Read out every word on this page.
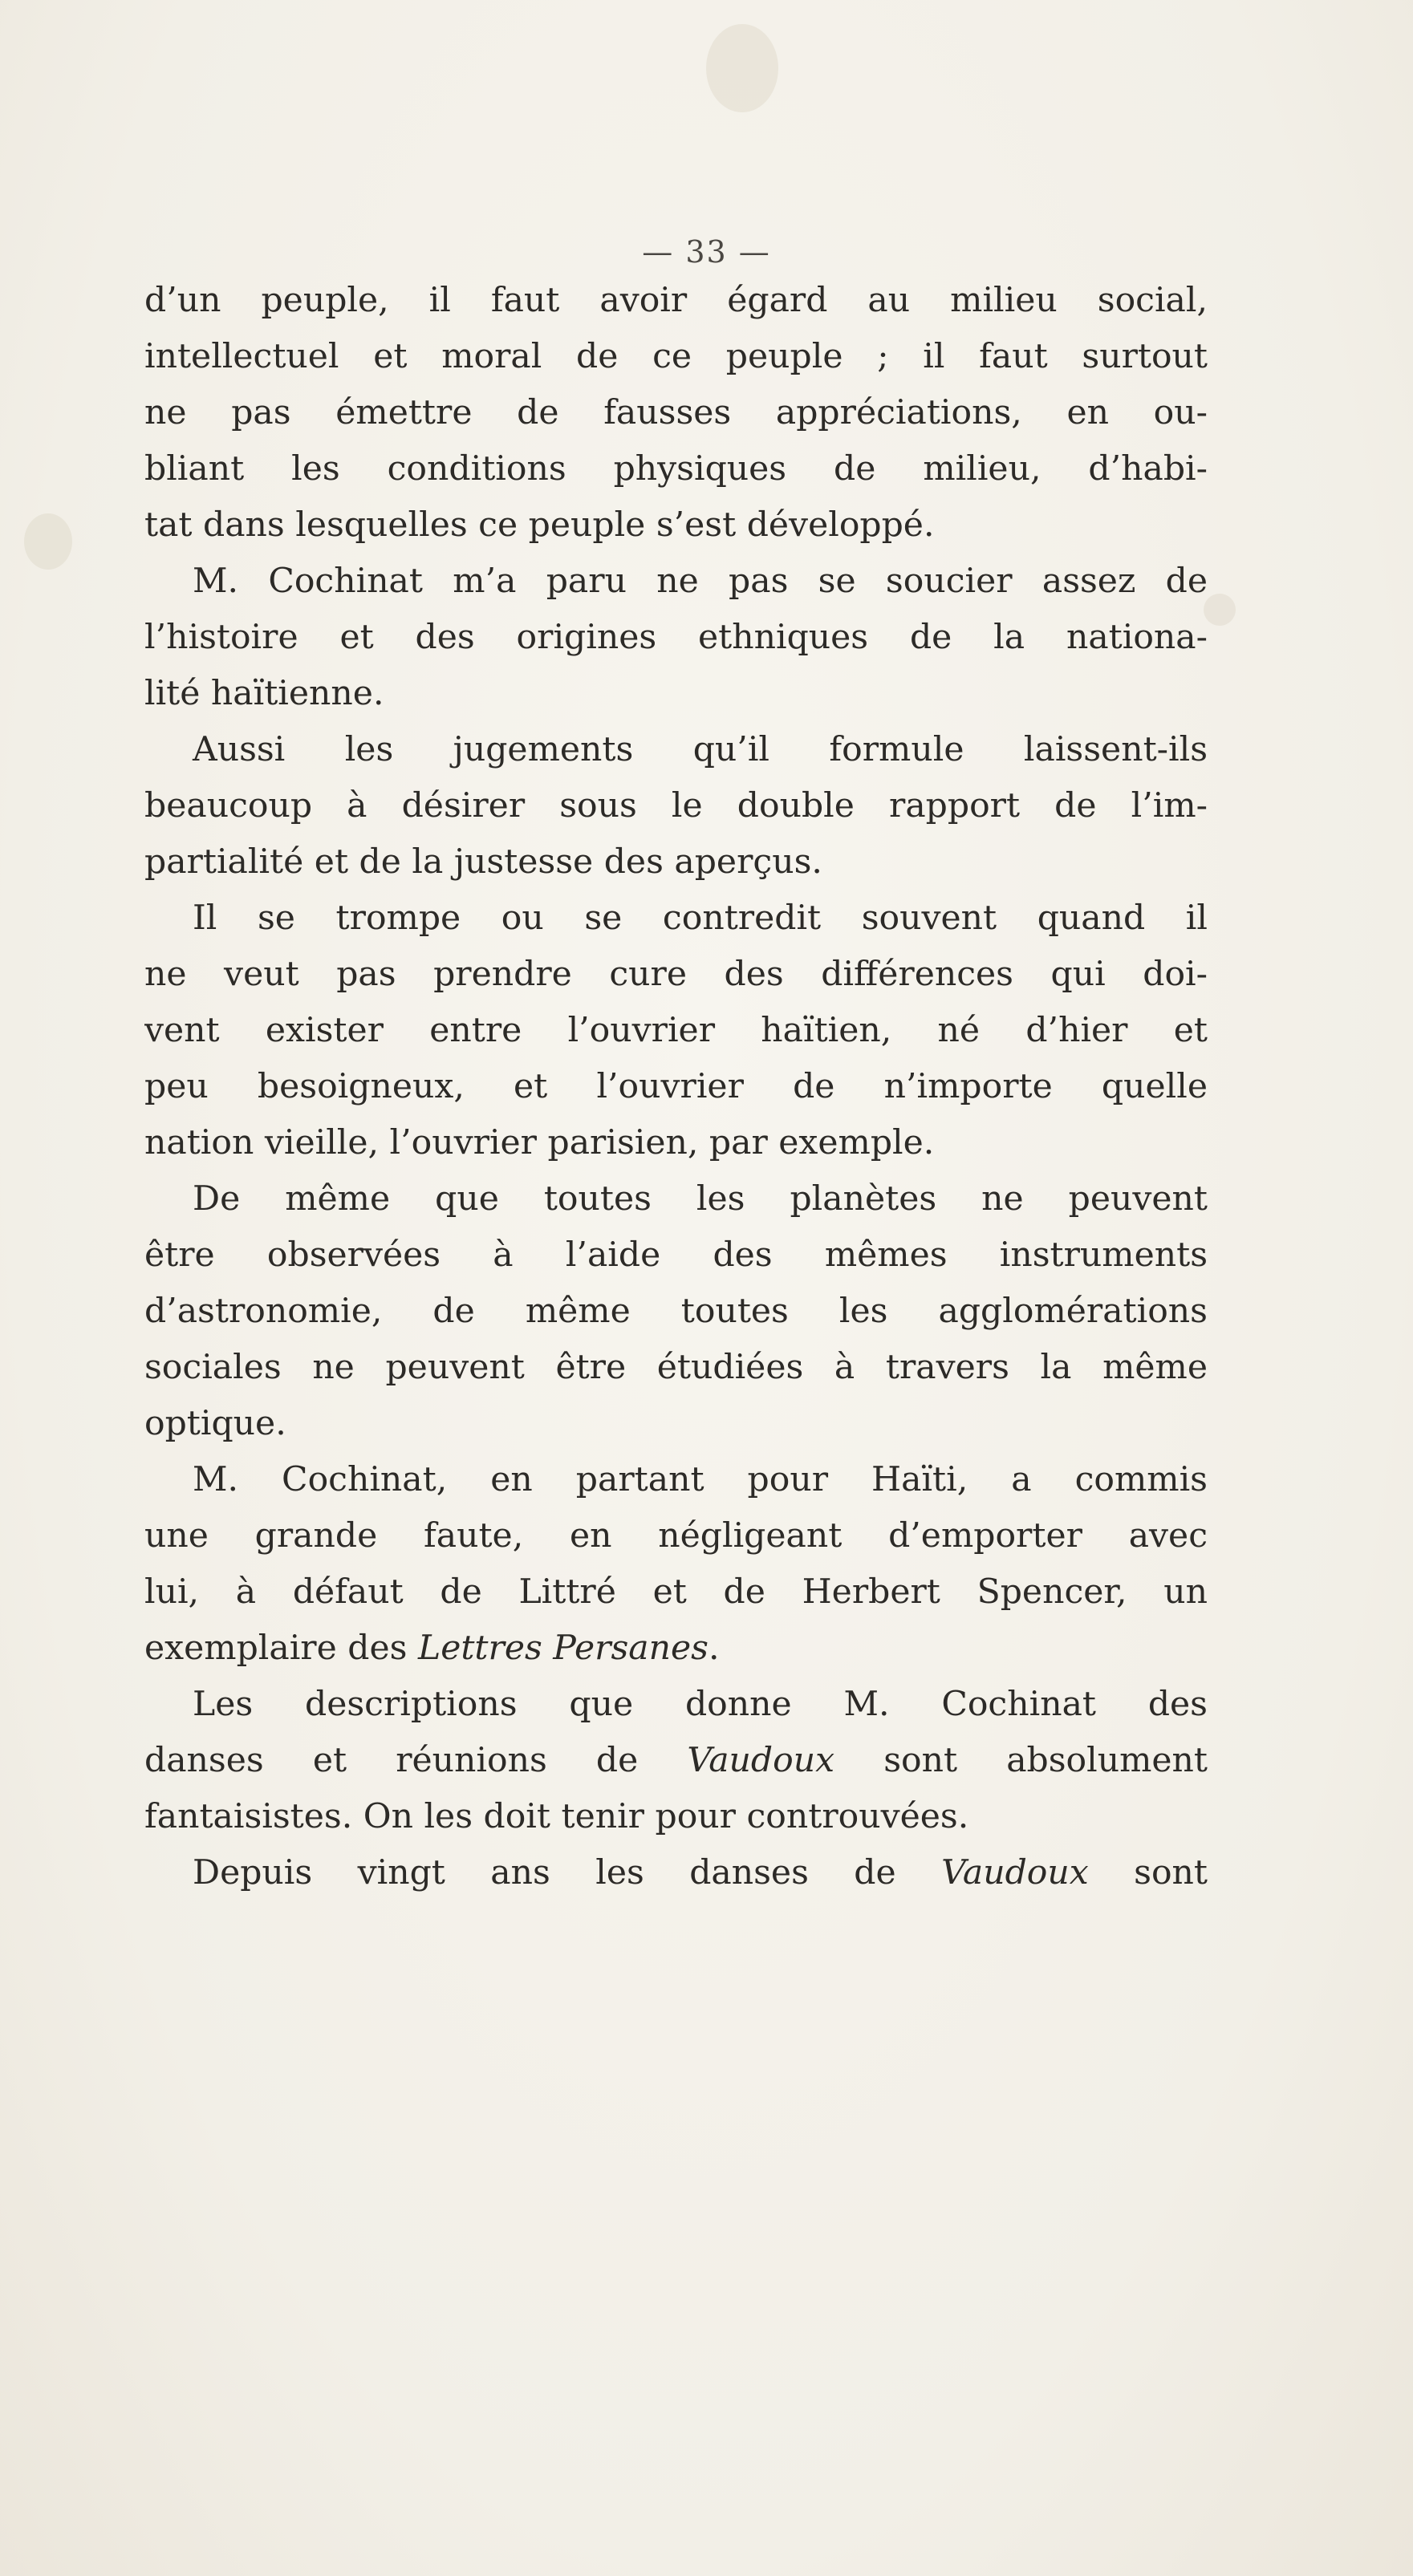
— 33 —
d’un peuple, il faut avoir égard au milieu social,
intellectuel et moral de ce peuple ; il faut surtout
ne pas émettre de fausses appréciations, en ou-
bliant les conditions physiques de milieu, d’habi-
tat dans lesquelles ce peuple s’est développé.
M. Cochinat m’a paru ne pas se soucier assez de
l’histoire et des origines ethniques de la nationa-
lité haïtienne.
Aussi les jugements qu’il formule laissent-ils
beaucoup à désirer sous le double rapport de l’im-
partialité et de la justesse des aperçus.
Il se trompe ou se contredit souvent quand il
ne veut pas prendre cure des différences qui doi-
vent exister entre l’ouvrier haïtien, né d’hier et
peu besoigneux, et l’ouvrier de n’importe quelle
nation vieille, l’ouvrier parisien, par exemple.
De même que toutes les planètes ne peuvent
être observées à l’aide des mêmes instruments
d’astronomie, de même toutes les agglomérations
sociales ne peuvent être étudiées à travers la même
optique.
M. Cochinat, en partant pour Haïti, a commis
une grande faute, en négligeant d’emporter avec
lui, à défaut de Littré et de Herbert Spencer, un
exemplaire des Lettres Persanes.
Les descriptions que donne M. Cochinat des
danses et réunions de Vaudoux sont absolument
fantaisistes. On les doit tenir pour controuvées.
Depuis vingt ans les danses de Vaudoux sont
